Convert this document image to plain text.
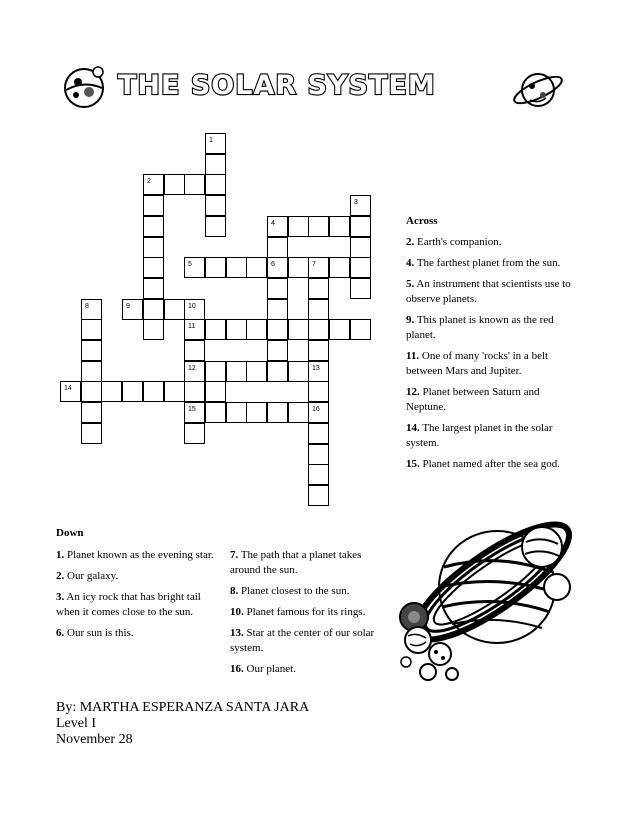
THE SOLAR SYSTEM
1
2
3
4
5	6	7
8	9	10
11
12
15
13
16
14
Across
2. Earth's companion.
4. The farthest planet from the sun.
5. An instrument that scientists use to observe planets.
9. This planet is known as the red planet.
11. One of many 'rocks' in a belt between Mars and Jupiter.
12. Planet between Saturn and Neptune.
14. The largest planet in the solar system.
15. Planet named after the sea god.
Down
1. Planet known as the evening star.
2. Our galaxy.
3. An icy rock that has bright tail when it comes close to the sun.
6. Our sun is this.
7. The path that a planet takes around the sun.
8. Planet closest to the sun.
10. Planet famous for its rings.
13. Star at the center of our solar system.
16. Our planet.
By: MARTHA ESPERANZA SANTA JARA
Level I
November 28
